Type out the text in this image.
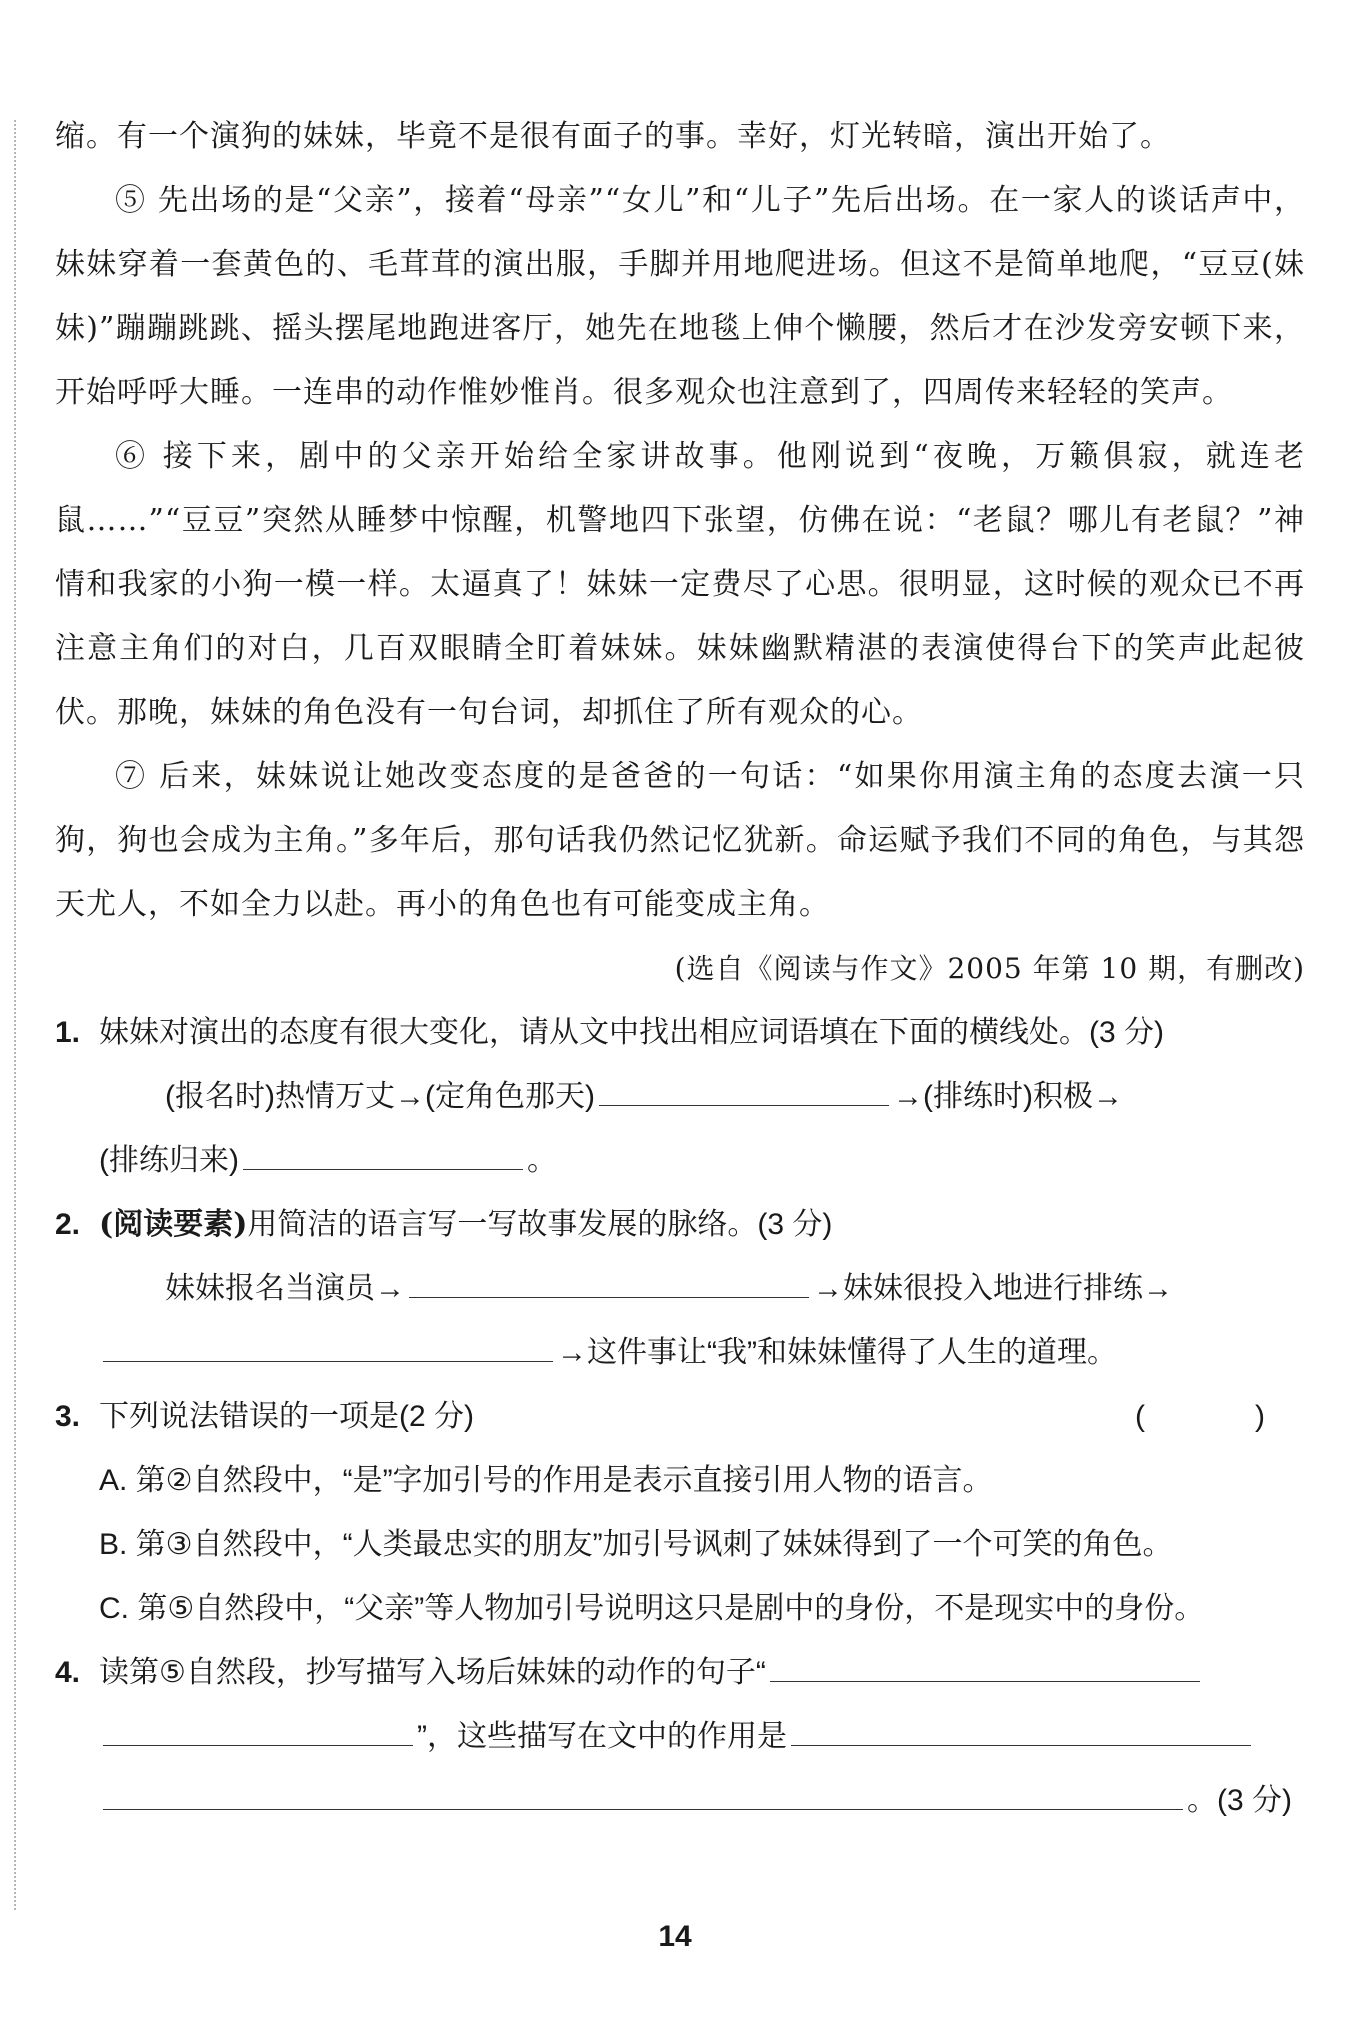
缩。有一个演狗的妹妹，毕竟不是很有面子的事。幸好，灯光转暗，演出开始了。

⑤ 先出场的是“父亲”，接着“母亲”“女儿”和“儿子”先后出场。在一家人的谈话声中，妹妹穿着一套黄色的、毛茸茸的演出服，手脚并用地爬进场。但这不是简单地爬，“豆豆(妹妹)”蹦蹦跳跳、摇头摆尾地跑进客厅，她先在地毯上伸个懒腰，然后才在沙发旁安顿下来，开始呼呼大睡。一连串的动作惟妙惟肖。很多观众也注意到了，四周传来轻轻的笑声。

⑥ 接下来，剧中的父亲开始给全家讲故事。他刚说到“夜晚，万籁俱寂，就连老鼠……”“豆豆”突然从睡梦中惊醒，机警地四下张望，仿佛在说：“老鼠？哪儿有老鼠？”神情和我家的小狗一模一样。太逼真了！妹妹一定费尽了心思。很明显，这时候的观众已不再注意主角们的对白，几百双眼睛全盯着妹妹。妹妹幽默精湛的表演使得台下的笑声此起彼伏。那晚，妹妹的角色没有一句台词，却抓住了所有观众的心。

⑦ 后来，妹妹说让她改变态度的是爸爸的一句话：“如果你用演主角的态度去演一只狗，狗也会成为主角。”多年后，那句话我仍然记忆犹新。命运赋予我们不同的角色，与其怨天尤人，不如全力以赴。再小的角色也有可能变成主角。

(选自《阅读与作文》2005 年第 10 期，有删改)
1. 妹妹对演出的态度有很大变化，请从文中找出相应词语填在下面的横线处。(3 分)
(报名时)热情万丈→(定角色那天)	→(排练时)积极→
(排练归来)	。
2. (阅读要素) 用简洁的语言写一写故事发展的脉络。(3 分)
妹妹报名当演员→	→妹妹很投入地进行排练→
→这件事让“我”和妹妹懂得了人生的道理。
3. 下列说法错误的一项是(2 分)	(　)
A. 第②自然段中，“是”字加引号的作用是表示直接引用人物的语言。
B. 第③自然段中，“人类最忠实的朋友”加引号讽刺了妹妹得到了一个可笑的角色。
C. 第⑤自然段中，“父亲”等人物加引号说明这只是剧中的身份，不是现实中的身份。
4. 读第⑤自然段，抄写描写入场后妹妹的动作的句子“
”，这些描写在文中的作用是
。(3 分)
14
